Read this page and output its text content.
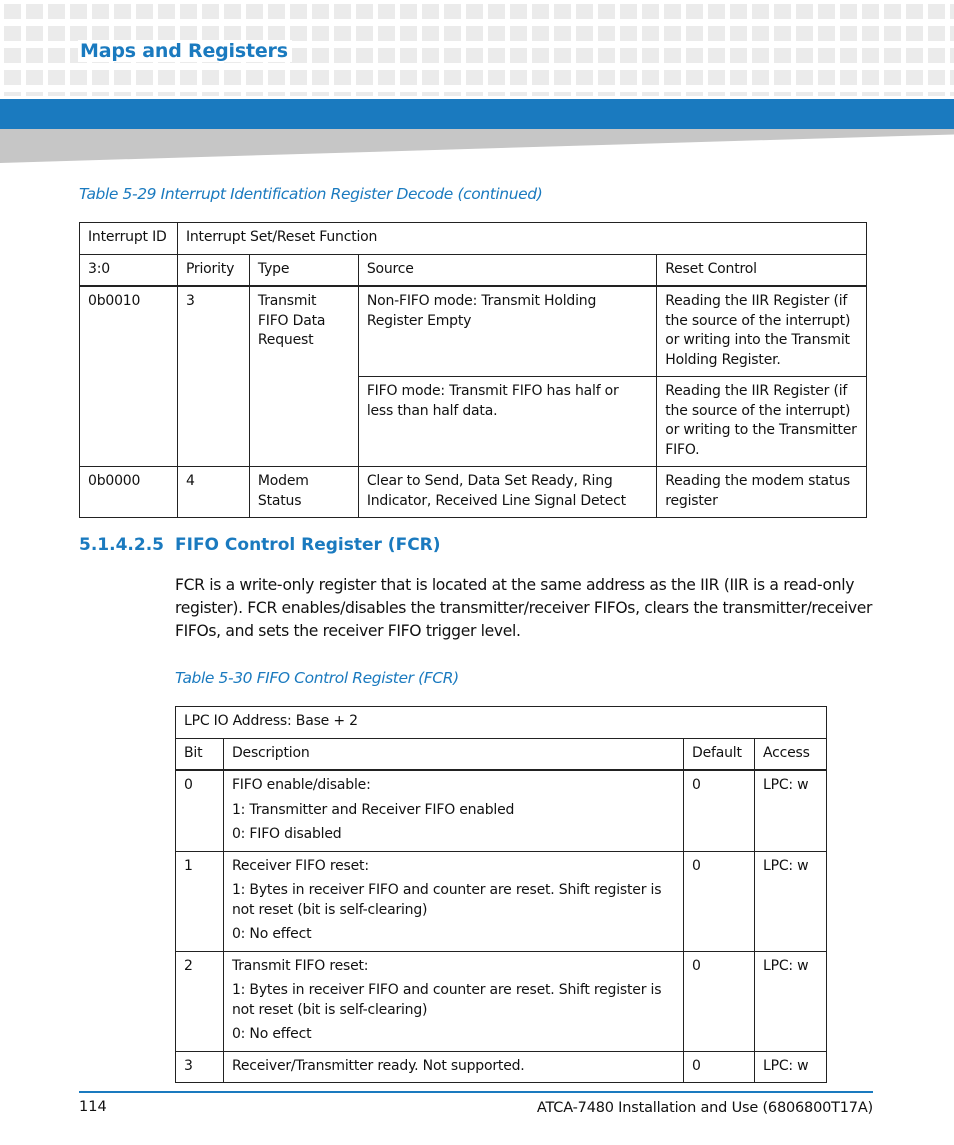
Maps and Registers
Table 5-29 Interrupt Identification Register Decode (continued)
Interrupt ID	Interrupt Set/Reset Function			
3:0	Priority	Type	Source	Reset Control
0b0010	3	Transmit FIFO Data Request	Non-FIFO mode: Transmit Holding Register Empty	Reading the IIR Register (if the source of the interrupt) or writing into the Transmit Holding Register.
			FIFO mode: Transmit FIFO has half or less than half data.	Reading the IIR Register (if the source of the interrupt) or writing to the Transmitter FIFO.
0b0000	4	Modem Status	Clear to Send, Data Set Ready, Ring Indicator, Received Line Signal Detect	Reading the modem status register
5.1.4.2.5 FIFO Control Register (FCR)
FCR is a write-only register that is located at the same address as the IIR (IIR is a read-only register). FCR enables/disables the transmitter/receiver FIFOs, clears the transmitter/receiver FIFOs, and sets the receiver FIFO trigger level.
Table 5-30 FIFO Control Register (FCR)
LPC IO Address: Base + 2			
Bit	Description	Default	Access
0	FIFO enable/disable:

1: Transmitter and Receiver FIFO enabled

0: FIFO disabled	0	LPC: w
1	Receiver FIFO reset:

1: Bytes in receiver FIFO and counter are reset. Shift register is not reset (bit is self-clearing)

0: No effect	0	LPC: w
2	Transmit FIFO reset:

1: Bytes in receiver FIFO and counter are reset. Shift register is not reset (bit is self-clearing)

0: No effect	0	LPC: w
3	Receiver/Transmitter ready. Not supported.	0	LPC: w
114	ATCA-7480 Installation and Use (6806800T17A)
